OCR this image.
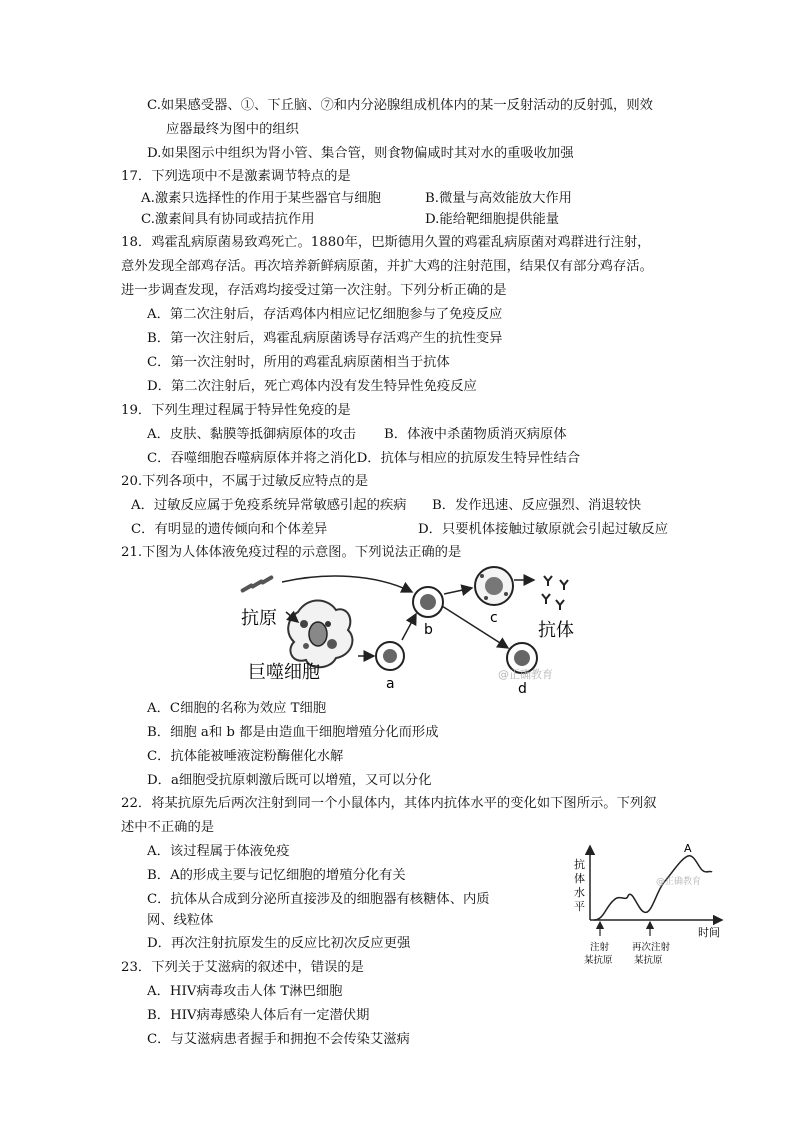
C.如果感受器、①、下丘脑、⑦和内分泌腺组成机体内的某一反射活动的反射弧，则效
应器最终为图中的组织
D.如果图示中组织为肾小管、集合管，则食物偏咸时其对水的重吸收加强
17．下列选项中不是激素调节特点的是
A.激素只选择性的作用于某些器官与细胞	B.微量与高效能放大作用
C.激素间具有协同或拮抗作用	D.能给靶细胞提供能量
18．鸡霍乱病原菌易致鸡死亡。1880年，巴斯德用久置的鸡霍乱病原菌对鸡群进行注射，
意外发现全部鸡存活。再次培养新鲜病原菌，并扩大鸡的注射范围，结果仅有部分鸡存活。
进一步调查发现，存活鸡均接受过第一次注射。下列分析正确的是
A．第二次注射后，存活鸡体内相应记忆细胞参与了免疫反应
B．第一次注射后，鸡霍乱病原菌诱导存活鸡产生的抗性变异
C．第一次注射时，所用的鸡霍乱病原菌相当于抗体
D．第二次注射后，死亡鸡体内没有发生特异性免疫反应
19．下列生理过程属于特异性免疫的是
A．皮肤、黏膜等抵御病原体的攻击 B．体液中杀菌物质消灭病原体
C．吞噬细胞吞噬病原体并将之消化D．抗体与相应的抗原发生特异性结合
20.下列各项中，不属于过敏反应特点的是
A．过敏反应属于免疫系统异常敏感引起的疾病 B．发作迅速、反应强烈、消退较快
C．有明显的遗传倾向和个体差异	D．只要机体接触过敏原就会引起过敏反应
21.下图为人体体液免疫过程的示意图。下列说法正确的是
抗原
巨噬细胞
a
b
c
d
抗体
@正确教育
A．C细胞的名称为效应 T细胞
B．细胞 a和 b 都是由造血干细胞增殖分化而形成
C．抗体能被唾液淀粉酶催化水解
D．a细胞受抗原刺激后既可以增殖，又可以分化
22．将某抗原先后两次注射到同一个小鼠体内，其体内抗体水平的变化如下图所示。下列叙
述中不正确的是
A．该过程属于体液免疫
B．A的形成主要与记忆细胞的增殖分化有关
C．抗体从合成到分泌所直接涉及的细胞器有核糖体、内质
网、线粒体
D．再次注射抗原发生的反应比初次反应更强
抗
体
水
平
时间
A
注射
某抗原
再次注射
某抗原
@正确教育
23．下列关于艾滋病的叙述中，错误的是
A．HIV病毒攻击人体 T淋巴细胞
B．HIV病毒感染人体后有一定潜伏期
C．与艾滋病患者握手和拥抱不会传染艾滋病
